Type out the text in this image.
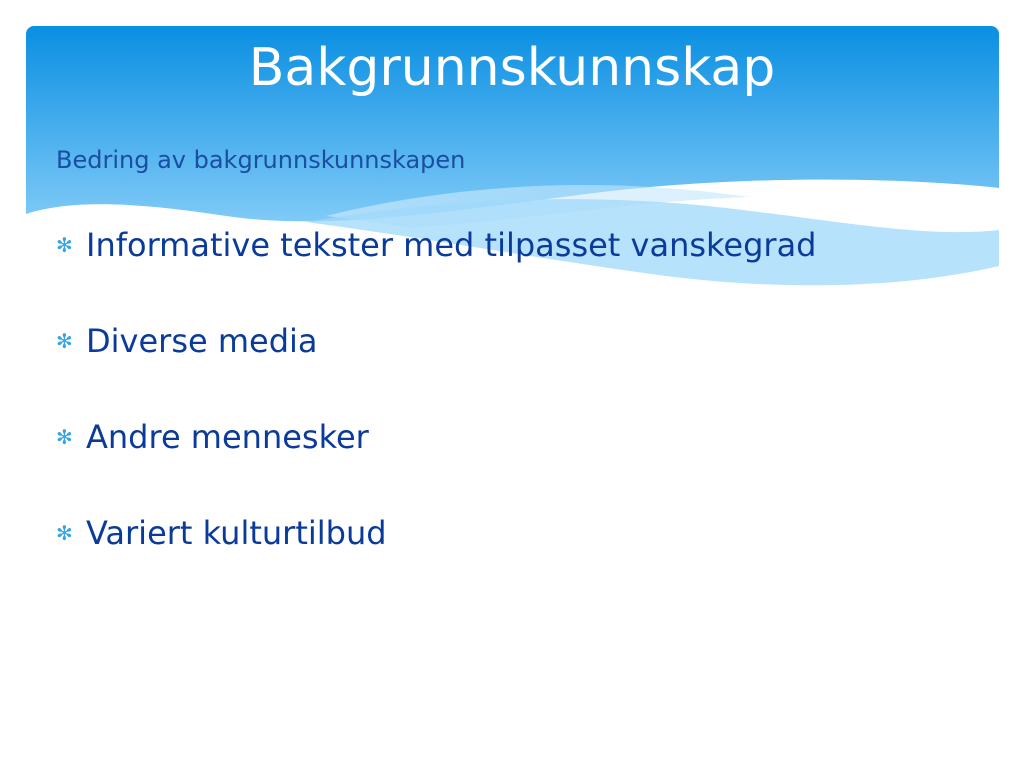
Bakgrunnskunnskap
Bedring av bakgrunnskunnskapen
✻ Informative tekster med tilpasset vanskegrad
✻ Diverse media
✻ Andre mennesker
✻ Variert kulturtilbud
